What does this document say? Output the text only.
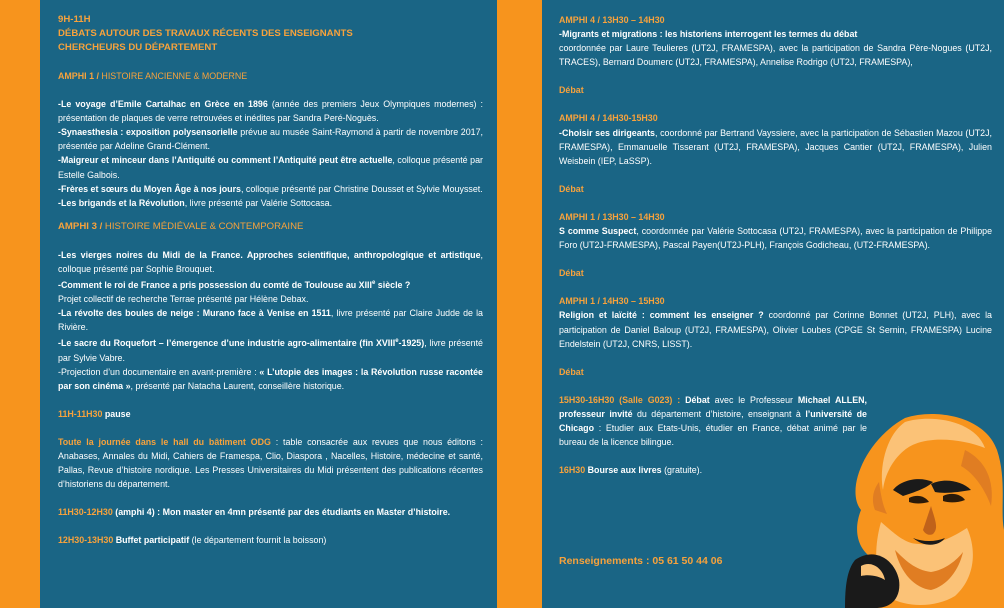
9H-11H
DÉBATS AUTOUR DES TRAVAUX RÉCENTS DES ENSEIGNANTS
CHERCHEURS DU DÉPARTEMENT

AMPHI 1 / HISTOIRE ANCIENNE & MODERNE

-Le voyage d’Emile Cartalhac en Grèce en 1896 (année des premiers Jeux Olympiques modernes) : présentation de plaques de verre retrouvées et inédites par Sandra Peré-Noguès.

-Synaesthesia : exposition polysensorielle prévue au musée Saint-Raymond à partir de novembre 2017, présentée par Adeline Grand-Clément.

-Maigreur et minceur dans l’Antiquité ou comment l’Antiquité peut être actuelle, colloque présenté par Estelle Galbois.

-Frères et sœurs du Moyen Âge à nos jours, colloque présenté par Christine Dousset et Sylvie Mouysset.

-Les brigands et la Révolution, livre présenté par Valérie Sottocasa.

AMPHI 3 / HISTOIRE MÉDIÉVALE & CONTEMPORAINE

-Les vierges noires du Midi de la France. Approches scientifique, anthropologique et artistique, colloque présenté par Sophie Brouquet.

-Comment le roi de France a pris possession du comté de Toulouse au XIIIe siècle ?
Projet collectif de recherche Terrae présenté par Hélène Debax.

-La révolte des boules de neige : Murano face à Venise en 1511, livre présenté par Claire Judde de la Rivière.

-Le sacre du Roquefort – l’émergence d’une industrie agro-alimentaire (fin XVIIIe-1925), livre présenté par Sylvie Vabre.

-Projection d’un documentaire en avant-première : « L’utopie des images : la Révolution russe racontée par son cinéma », présenté par Natacha Laurent, conseillère historique.

11H-11H30 pause

Toute la journée dans le hall du bâtiment ODG : table consacrée aux revues que nous éditons : Anabases, Annales du Midi, Cahiers de Framespa, Clio, Diaspora , Nacelles, Histoire, médecine et santé, Pallas, Revue d’histoire nordique. Les Presses Universitaires du Midi présentent des publications récentes d’historiens du département.

11H30-12H30 (amphi 4) : Mon master en 4mn présenté par des étudiants en Master d’histoire.

12H30-13H30 Buffet participatif (le département fournit la boisson)

AMPHI 4 / 13H30 – 14H30

-Migrants et migrations : les historiens interrogent les termes du débat
coordonnée par Laure Teulieres (UT2J, FRAMESPA), avec la participation de Sandra Père-Nogues (UT2J, TRACES), Bernard Doumerc (UT2J, FRAMESPA), Annelise Rodrigo (UT2J, FRAMESPA),

Débat

AMPHI 4 / 14H30-15H30

-Choisir ses dirigeants, coordonné par Bertrand Vayssiere, avec la participation de Sébastien Mazou (UT2J, FRAMESPA), Emmanuelle Tisserant (UT2J, FRAMESPA), Jacques Cantier (UT2J, FRAMESPA), Julien Weisbein (IEP, LaSSP).

Débat

AMPHI 1 / 13H30 – 14H30

S comme Suspect, coordonnée par Valérie Sottocasa (UT2J, FRAMESPA), avec la participation de Philippe Foro (UT2J-FRAMESPA), Pascal Payen(UT2J-PLH), François Godicheau, (UT2-FRAMESPA).

Débat

AMPHI 1 / 14H30 – 15H30

Religion et laïcité : comment les enseigner ? coordonné par Corinne Bonnet (UT2J, PLH), avec la participation de Daniel Baloup (UT2J, FRAMESPA), Olivier Loubes (CPGE St Sernin, FRAMESPA) Lucine Endelstein (UT2J, CNRS, LISST).

Débat

15H30-16H30 (Salle G023) : Débat avec le Professeur Michael ALLEN, professeur invité du département d’histoire, enseignant à l’université de Chicago : Etudier aux Etats-Unis, étudier en France, débat animé par le bureau de la licence bilingue.

16H30 Bourse aux livres (gratuite).

Renseignements : 05 61 50 44 06
